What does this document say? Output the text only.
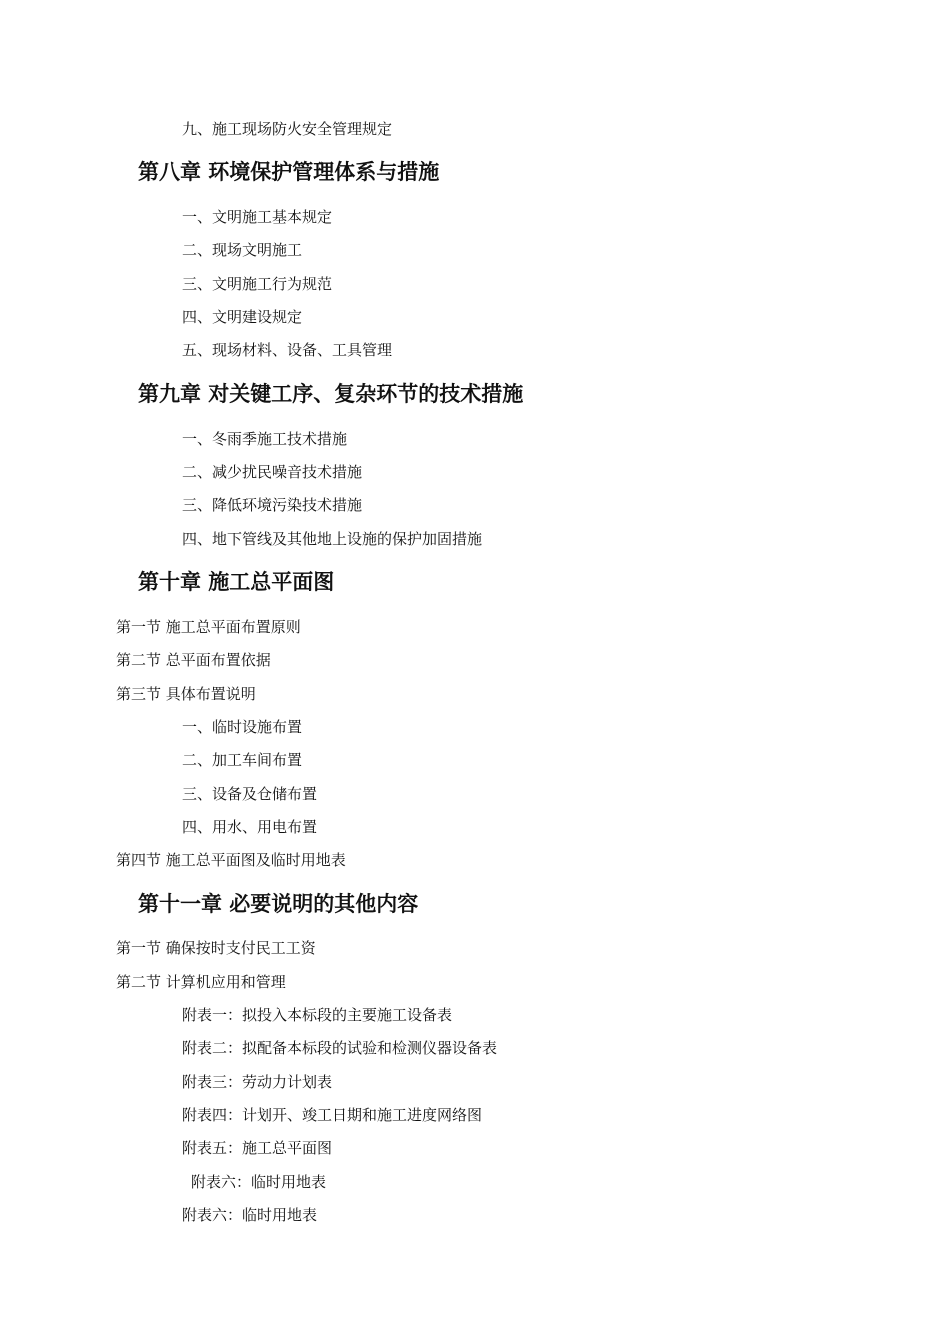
九、施工现场防火安全管理规定
第八章 环境保护管理体系与措施
一、文明施工基本规定
二、现场文明施工
三、文明施工行为规范
四、文明建设规定
五、现场材料、设备、工具管理
第九章 对关键工序、复杂环节的技术措施
一、冬雨季施工技术措施
二、减少扰民噪音技术措施
三、降低环境污染技术措施
四、地下管线及其他地上设施的保护加固措施
第十章 施工总平面图
第一节 施工总平面布置原则
第二节 总平面布置依据
第三节 具体布置说明
一、临时设施布置
二、加工车间布置
三、设备及仓储布置
四、用水、用电布置
第四节 施工总平面图及临时用地表
第十一章 必要说明的其他内容
第一节 确保按时支付民工工资
第二节 计算机应用和管理
附表一：拟投入本标段的主要施工设备表
附表二：拟配备本标段的试验和检测仪器设备表
附表三：劳动力计划表
附表四：计划开、竣工日期和施工进度网络图
附表五：施工总平面图
附表六：临时用地表
附表六：临时用地表
